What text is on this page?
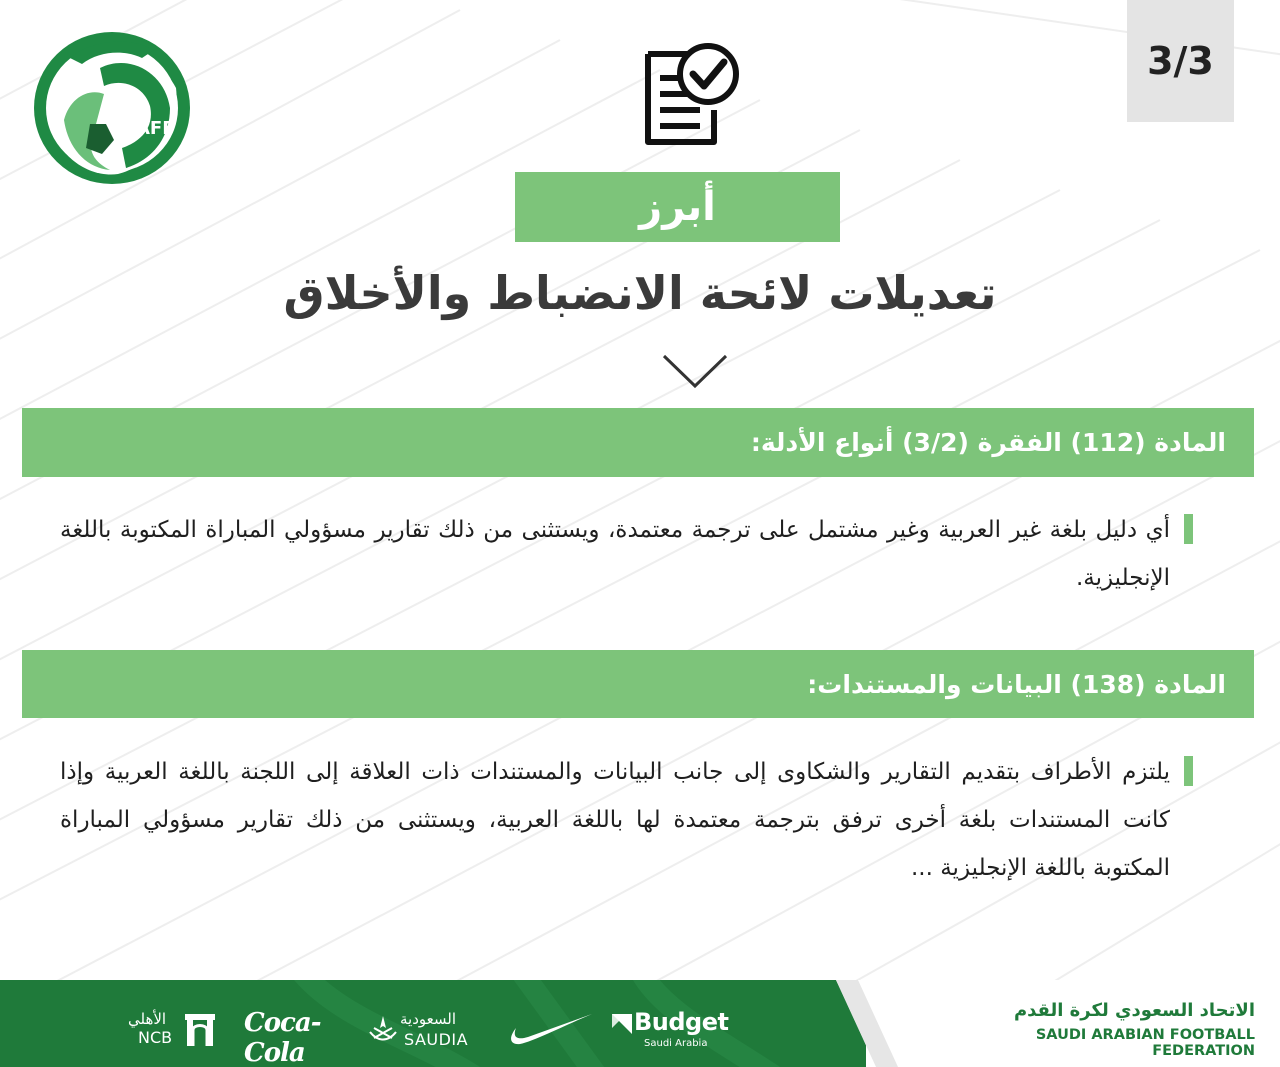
SAFF
3/3
أبرز
تعديلات لائحة الانضباط والأخلاق
المادة (112) الفقرة (3/2) أنواع الأدلة:
أي دليل بلغة غير العربية وغير مشتمل على ترجمة معتمدة، ويستثنى من ذلك تقارير مسؤولي المباراة المكتوبة باللغة الإنجليزية.
المادة (138) البيانات والمستندات:
يلتزم الأطراف بتقديم التقارير والشكاوى إلى جانب البيانات والمستندات ذات العلاقة إلى اللجنة باللغة العربية وإذا كانت المستندات بلغة أخرى ترفق بترجمة معتمدة لها باللغة العربية، ويستثنى من ذلك تقارير مسؤولي المباراة المكتوبة باللغة الإنجليزية ...
الاتحاد السعودي لكرة القدم
SAUDI ARABIAN FOOTBALL FEDERATION
Budget
Saudi Arabia
السعودية
SAUDIA
Coca-Cola
الأهلي
NCB
